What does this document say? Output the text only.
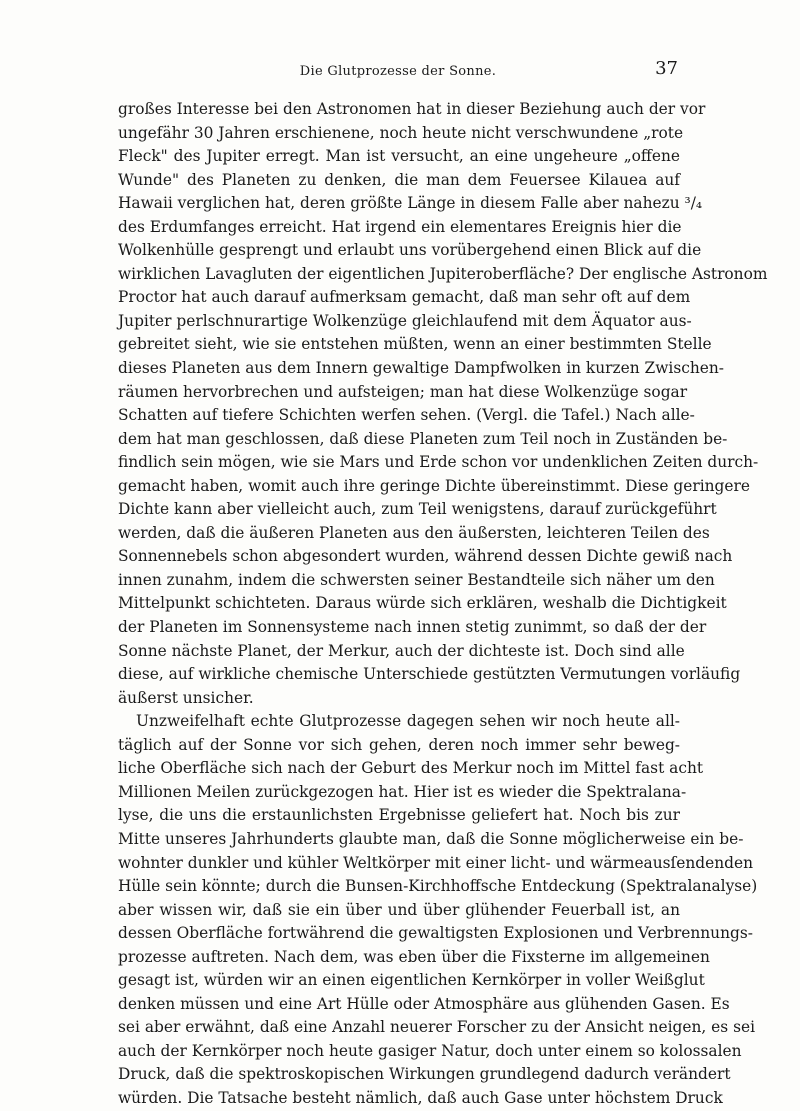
Die Glutprozesse der Sonne.	37
großes Interesse bei den Astronomen hat in dieser Beziehung auch der vor
ungefähr 30 Jahren erschienene, noch heute nicht verschwundene „rote
Fleck" des Jupiter erregt. Man ist versucht, an eine ungeheure „offene
Wunde" des Planeten zu denken, die man dem Feuersee Kilauea auf
Hawaii verglichen hat, deren größte Länge in diesem Falle aber nahezu ³/₄
des Erdumfanges erreicht. Hat irgend ein elementares Ereignis hier die
Wolkenhülle gesprengt und erlaubt uns vorübergehend einen Blick auf die
wirklichen Lavagluten der eigentlichen Jupiteroberfläche? Der englische Astronom
Proctor hat auch darauf aufmerksam gemacht, daß man sehr oft auf dem
Jupiter perlschnurartige Wolkenzüge gleichlaufend mit dem Äquator aus-
gebreitet sieht, wie sie entstehen müßten, wenn an einer bestimmten Stelle
dieses Planeten aus dem Innern gewaltige Dampfwolken in kurzen Zwischen-
räumen hervorbrechen und aufsteigen; man hat diese Wolkenzüge sogar
Schatten auf tiefere Schichten werfen sehen. (Vergl. die Tafel.) Nach alle-
dem hat man geschlossen, daß diese Planeten zum Teil noch in Zuständen be-
findlich sein mögen, wie sie Mars und Erde schon vor undenklichen Zeiten durch-
gemacht haben, womit auch ihre geringe Dichte übereinstimmt. Diese geringere
Dichte kann aber vielleicht auch, zum Teil wenigstens, darauf zurückgeführt
werden, daß die äußeren Planeten aus den äußersten, leichteren Teilen des
Sonnennebels schon abgesondert wurden, während dessen Dichte gewiß nach
innen zunahm, indem die schwersten seiner Bestandteile sich näher um den
Mittelpunkt schichteten. Daraus würde sich erklären, weshalb die Dichtigkeit
der Planeten im Sonnensysteme nach innen stetig zunimmt, so daß der der
Sonne nächste Planet, der Merkur, auch der dichteste ist. Doch sind alle
diese, auf wirkliche chemische Unterschiede gestützten Vermutungen vorläufig
äußerst unsicher.
Unzweifelhaft echte Glutprozesse dagegen sehen wir noch heute all-
täglich auf der Sonne vor sich gehen, deren noch immer sehr beweg-
liche Oberfläche sich nach der Geburt des Merkur noch im Mittel fast acht
Millionen Meilen zurückgezogen hat. Hier ist es wieder die Spektralana-
lyse, die uns die erstaunlichsten Ergebnisse geliefert hat. Noch bis zur
Mitte unseres Jahrhunderts glaubte man, daß die Sonne möglicherweise ein be-
wohnter dunkler und kühler Weltkörper mit einer licht- und wärmeausſendenden
Hülle sein könnte; durch die Bunsen-Kirchhoffsche Entdeckung (Spektralanalyse)
aber wissen wir, daß sie ein über und über glühender Feuerball ist, an
dessen Oberfläche fortwährend die gewaltigsten Explosionen und Verbrennungs-
prozesse auftreten. Nach dem, was eben über die Fixsterne im allgemeinen
gesagt ist, würden wir an einen eigentlichen Kernkörper in voller Weißglut
denken müssen und eine Art Hülle oder Atmosphäre aus glühenden Gasen. Es
sei aber erwähnt, daß eine Anzahl neuerer Forscher zu der Ansicht neigen, es sei
auch der Kernkörper noch heute gasiger Natur, doch unter einem so kolossalen
Druck, daß die spektroskopischen Wirkungen grundlegend dadurch verändert
würden. Die Tatsache besteht nämlich, daß auch Gase unter höchstem Druck
